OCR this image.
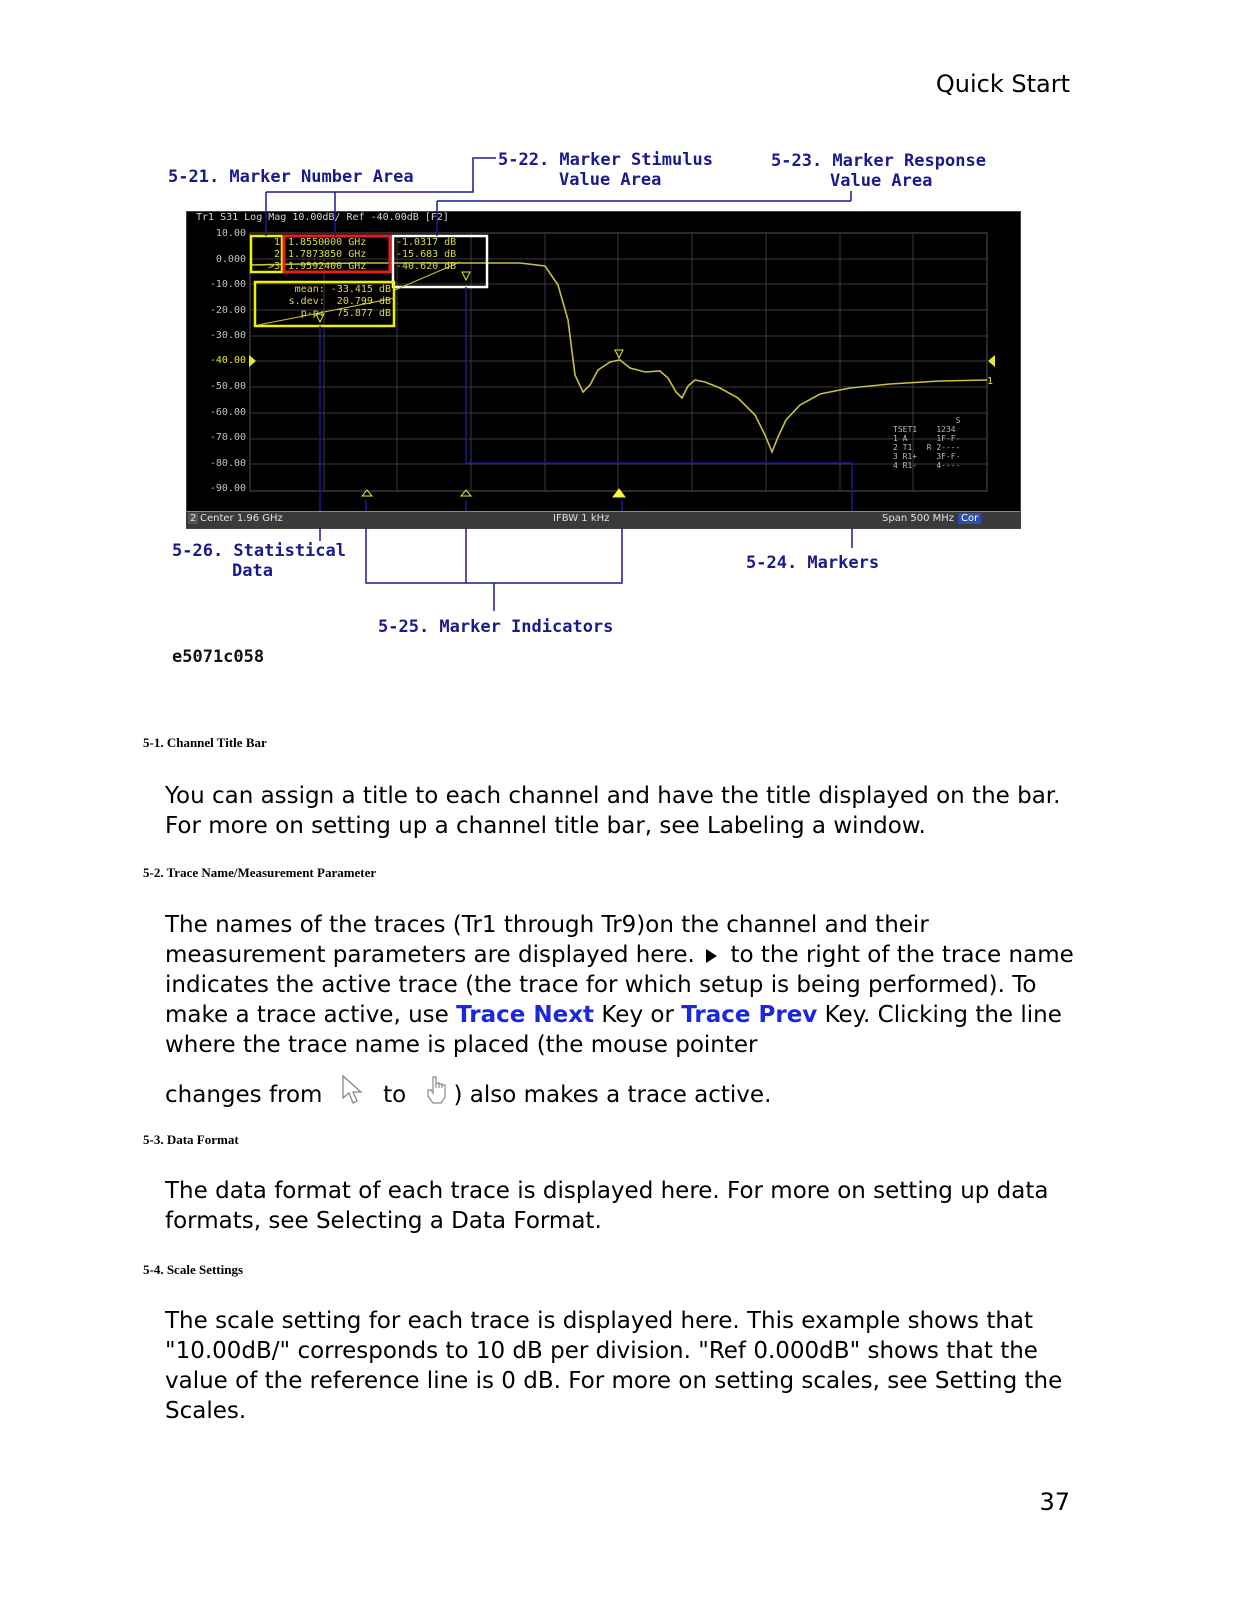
Quick Start
5-21. Marker Number Area
5-22. Marker Stimulus
Value Area
5-23. Marker Response
Value Area
5-26. Statistical
Data	5-24. Markers
5-25. Marker Indicators
e5071c058
1
Tr1 S31 Log Mag 10.00dB/ Ref -40.00dB [F2]
10.00
0.000
-10.00
-20.00
-30.00
-40.00
-50.00
-60.00
-70.00
-80.00
-90.00
1
2
>3
1.8550000 GHz
1.7873850 GHz
1.9592400 GHz
-1.0317 dB
-15.683 dB
-40.620 dB
mean: -33.415 dB
s.dev:  20.799 dB
p-p:  75.877 dB
S
TSET1    1234
1 A      1F-F-
2 T1   R 2----
3 R1+    3F-F-
4 R1-    4----
2 Center 1.96 GHz	IFBW 1 kHz	Span 500 MHz Cor
5-1. Channel Title Bar
You can assign a title to each channel and have the title displayed on the bar. For more on setting up a channel title bar, see Labeling a window.
5-2. Trace Name/Measurement Parameter
The names of the traces (Tr1 through Tr9)on the channel and their measurement parameters are displayed here. to the right of the trace name indicates the active trace (the trace for which setup is being performed). To make a trace active, use Trace Next Key or Trace Prev Key. Clicking the line where the trace name is placed (the mouse pointer
changes from	to ) also makes a trace active.
5-3. Data Format
The data format of each trace is displayed here. For more on setting up data formats, see Selecting a Data Format.
5-4. Scale Settings
The scale setting for each trace is displayed here. This example shows that "10.00dB/" corresponds to 10 dB per division. "Ref 0.000dB" shows that the value of the reference line is 0 dB. For more on setting scales, see Setting the Scales.
37
